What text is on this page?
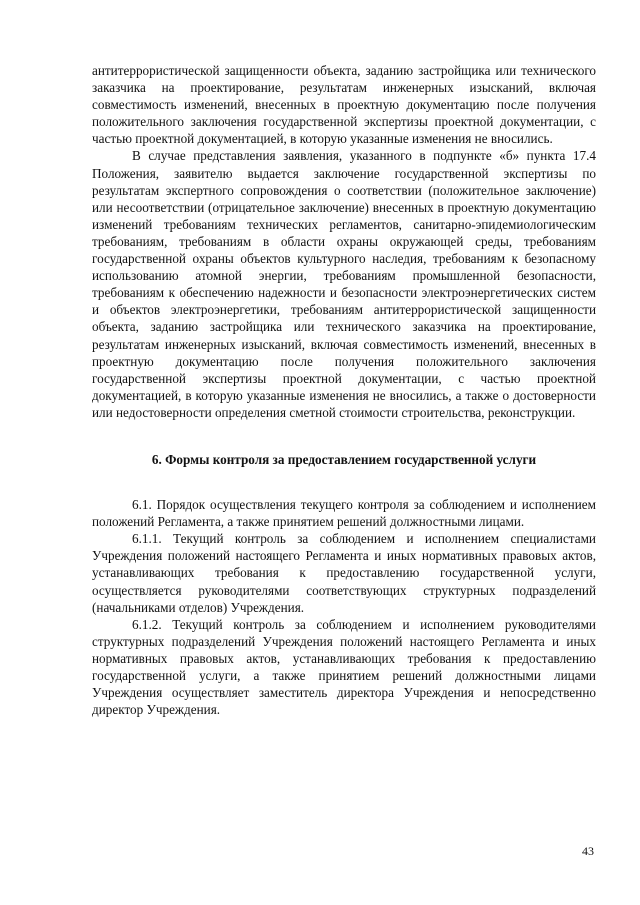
антитеррористической защищенности объекта, заданию застройщика или технического заказчика на проектирование, результатам инженерных изысканий, включая совместимость изменений, внесенных в проектную документацию после получения положительного заключения государственной экспертизы проектной документации, с частью проектной документацией, в которую указанные изменения не вносились.

В случае представления заявления, указанного в подпункте «б» пункта 17.4 Положения, заявителю выдается заключение государственной экспертизы по результатам экспертного сопровождения о соответствии (положительное заключение) или несоответствии (отрицательное заключение) внесенных в проектную документацию изменений требованиям технических регламентов, санитарно-эпидемиологическим требованиям, требованиям в области охраны окружающей среды, требованиям государственной охраны объектов культурного наследия, требованиям к безопасному использованию атомной энергии, требованиям промышленной безопасности, требованиям к обеспечению надежности и безопасности электроэнергетических систем и объектов электроэнергетики, требованиям антитеррористической защищенности объекта, заданию застройщика или технического заказчика на проектирование, результатам инженерных изысканий, включая совместимость изменений, внесенных в проектную документацию после получения положительного заключения государственной экспертизы проектной документации, с частью проектной документацией, в которую указанные изменения не вносились, а также о достоверности или недостоверности определения сметной стоимости строительства, реконструкции.

6. Формы контроля за предоставлением государственной услуги

6.1. Порядок осуществления текущего контроля за соблюдением и исполнением положений Регламента, а также принятием решений должностными лицами.

6.1.1. Текущий контроль за соблюдением и исполнением специалистами Учреждения положений настоящего Регламента и иных нормативных правовых актов, устанавливающих требования к предоставлению государственной услуги, осуществляется руководителями соответствующих структурных подразделений (начальниками отделов) Учреждения.

6.1.2. Текущий контроль за соблюдением и исполнением руководителями структурных подразделений Учреждения положений настоящего Регламента и иных нормативных правовых актов, устанавливающих требования к предоставлению государственной услуги, а также принятием решений должностными лицами Учреждения осуществляет заместитель директора Учреждения и непосредственно директор Учреждения.

43
